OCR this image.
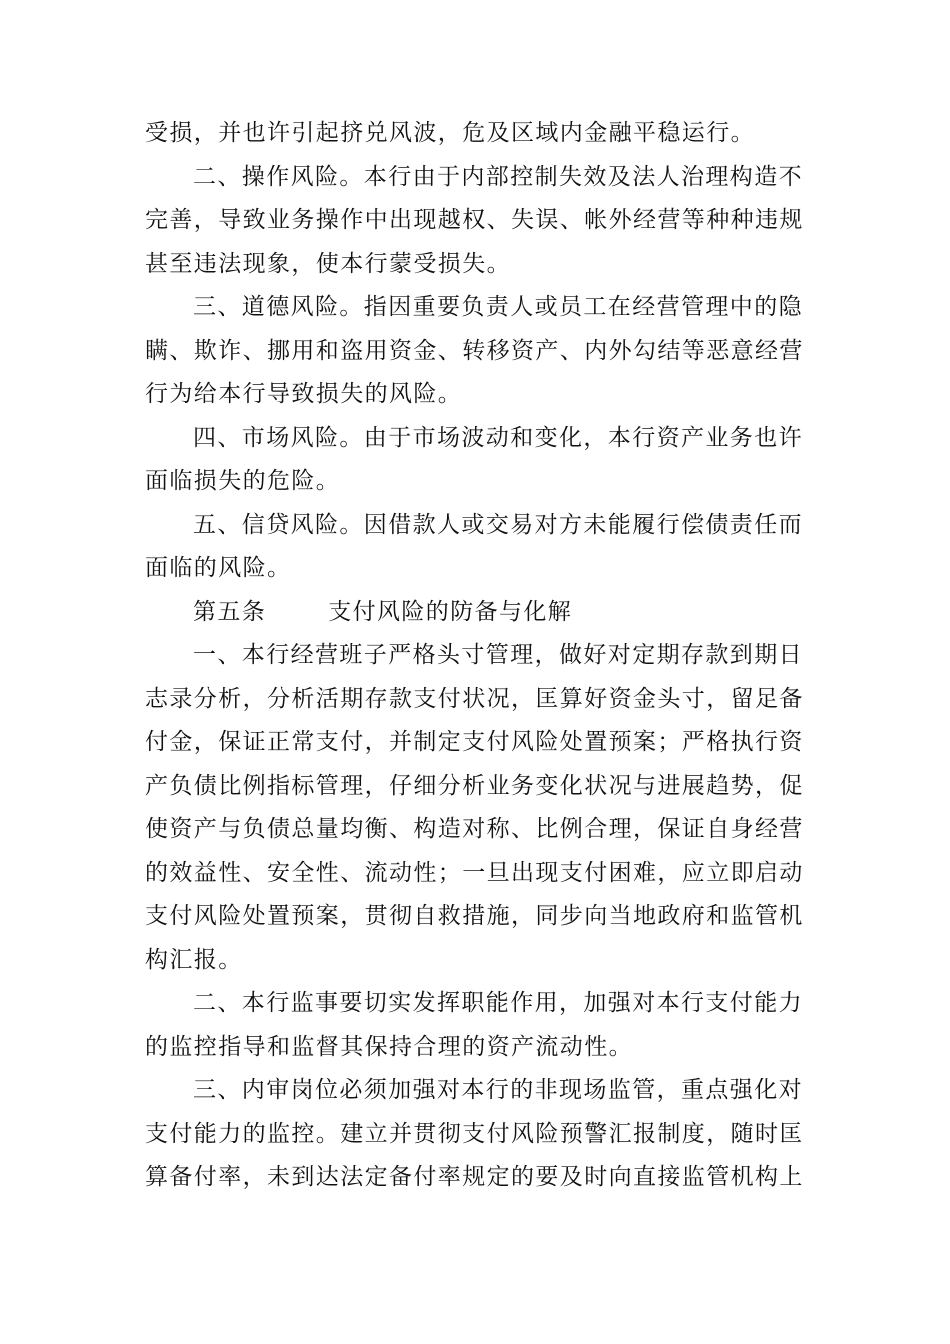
受损，并也许引起挤兑风波，危及区域内金融平稳运行。
二、操作风险。本行由于内部控制失效及法人治理构造不
完善，导致业务操作中出现越权、失误、帐外经营等种种违规
甚至违法现象，使本行蒙受损失。
三、道德风险。指因重要负责人或员工在经营管理中的隐
瞒、欺诈、挪用和盗用资金、转移资产、内外勾结等恶意经营
行为给本行导致损失的风险。
四、市场风险。由于市场波动和变化，本行资产业务也许
面临损失的危险。
五、信贷风险。因借款人或交易对方未能履行偿债责任而
面临的风险。
第五条	支付风险的防备与化解
一、本行经营班子严格头寸管理，做好对定期存款到期日
志录分析，分析活期存款支付状况，匡算好资金头寸，留足备
付金，保证正常支付，并制定支付风险处置预案；严格执行资
产负债比例指标管理，仔细分析业务变化状况与进展趋势，促
使资产与负债总量均衡、构造对称、比例合理，保证自身经营
的效益性、安全性、流动性；一旦出现支付困难，应立即启动
支付风险处置预案，贯彻自救措施，同步向当地政府和监管机
构汇报。
二、本行监事要切实发挥职能作用，加强对本行支付能力
的监控指导和监督其保持合理的资产流动性。
三、内审岗位必须加强对本行的非现场监管，重点强化对
支付能力的监控。建立并贯彻支付风险预警汇报制度，随时匡
算备付率，未到达法定备付率规定的要及时向直接监管机构上
